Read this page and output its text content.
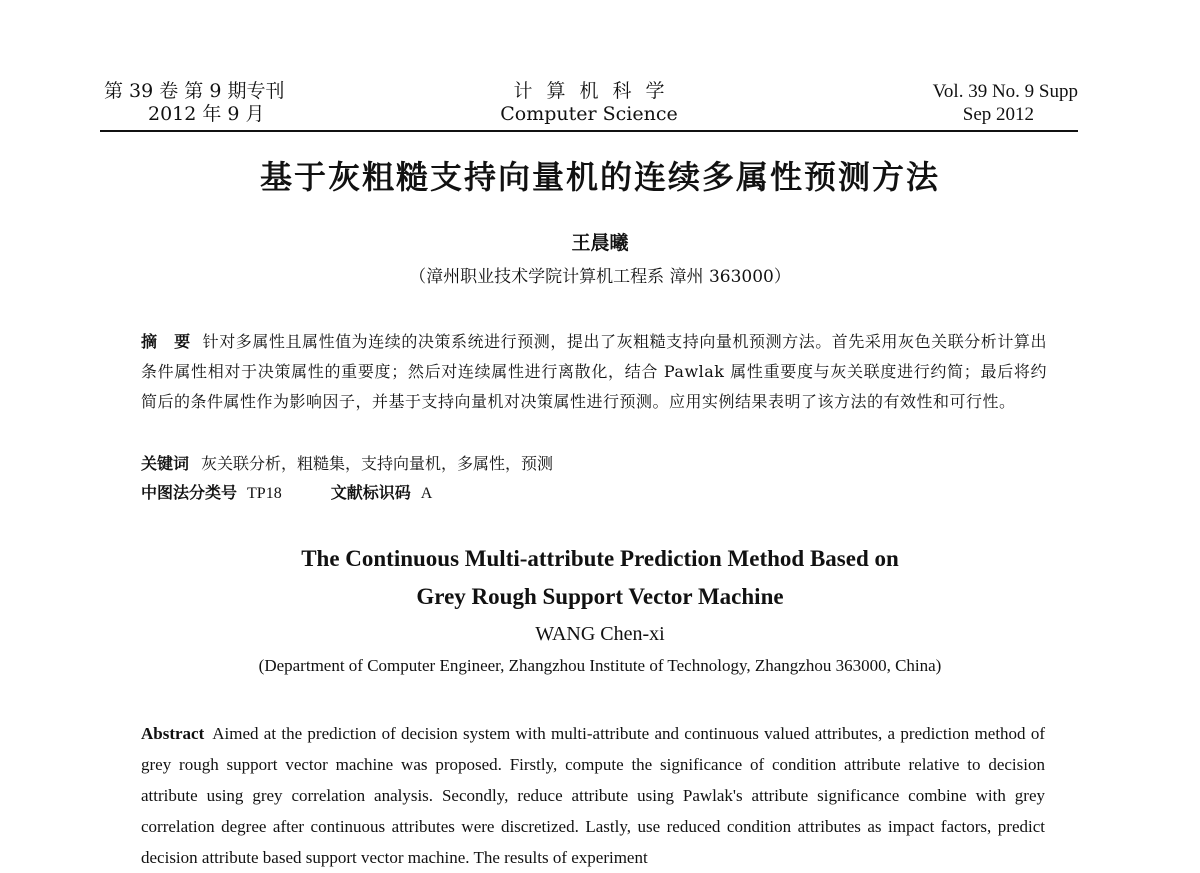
第 39 卷 第 9 期专刊
2012 年 9 月
计算机科学
Computer Science
Vol. 39 No. 9 Supp
Sep 2012
基于灰粗糙支持向量机的连续多属性预测方法
王晨曦
（漳州职业技术学院计算机工程系 漳州 363000）
摘　要 针对多属性且属性值为连续的决策系统进行预测，提出了灰粗糙支持向量机预测方法。首先采用灰色关联分析计算出条件属性相对于决策属性的重要度；然后对连续属性进行离散化，结合 Pawlak 属性重要度与灰关联度进行约简；最后将约简后的条件属性作为影响因子，并基于支持向量机对决策属性进行预测。应用实例结果表明了该方法的有效性和可行性。
关键词 灰关联分析，粗糙集，支持向量机，多属性，预测
中图法分类号 TP18	文献标识码 A
The Continuous Multi-attribute Prediction Method Based on
Grey Rough Support Vector Machine
WANG Chen-xi
(Department of Computer Engineer, Zhangzhou Institute of Technology, Zhangzhou 363000, China)
Abstract Aimed at the prediction of decision system with multi-attribute and continuous valued attributes, a prediction method of grey rough support vector machine was proposed. Firstly, compute the significance of condition attribute relative to decision attribute using grey correlation analysis. Secondly, reduce attribute using Pawlak's attribute significance combine with grey correlation degree after continuous attributes were discretized. Lastly, use reduced condition attributes as impact factors, predict decision attribute based support vector machine. The results of experiment
